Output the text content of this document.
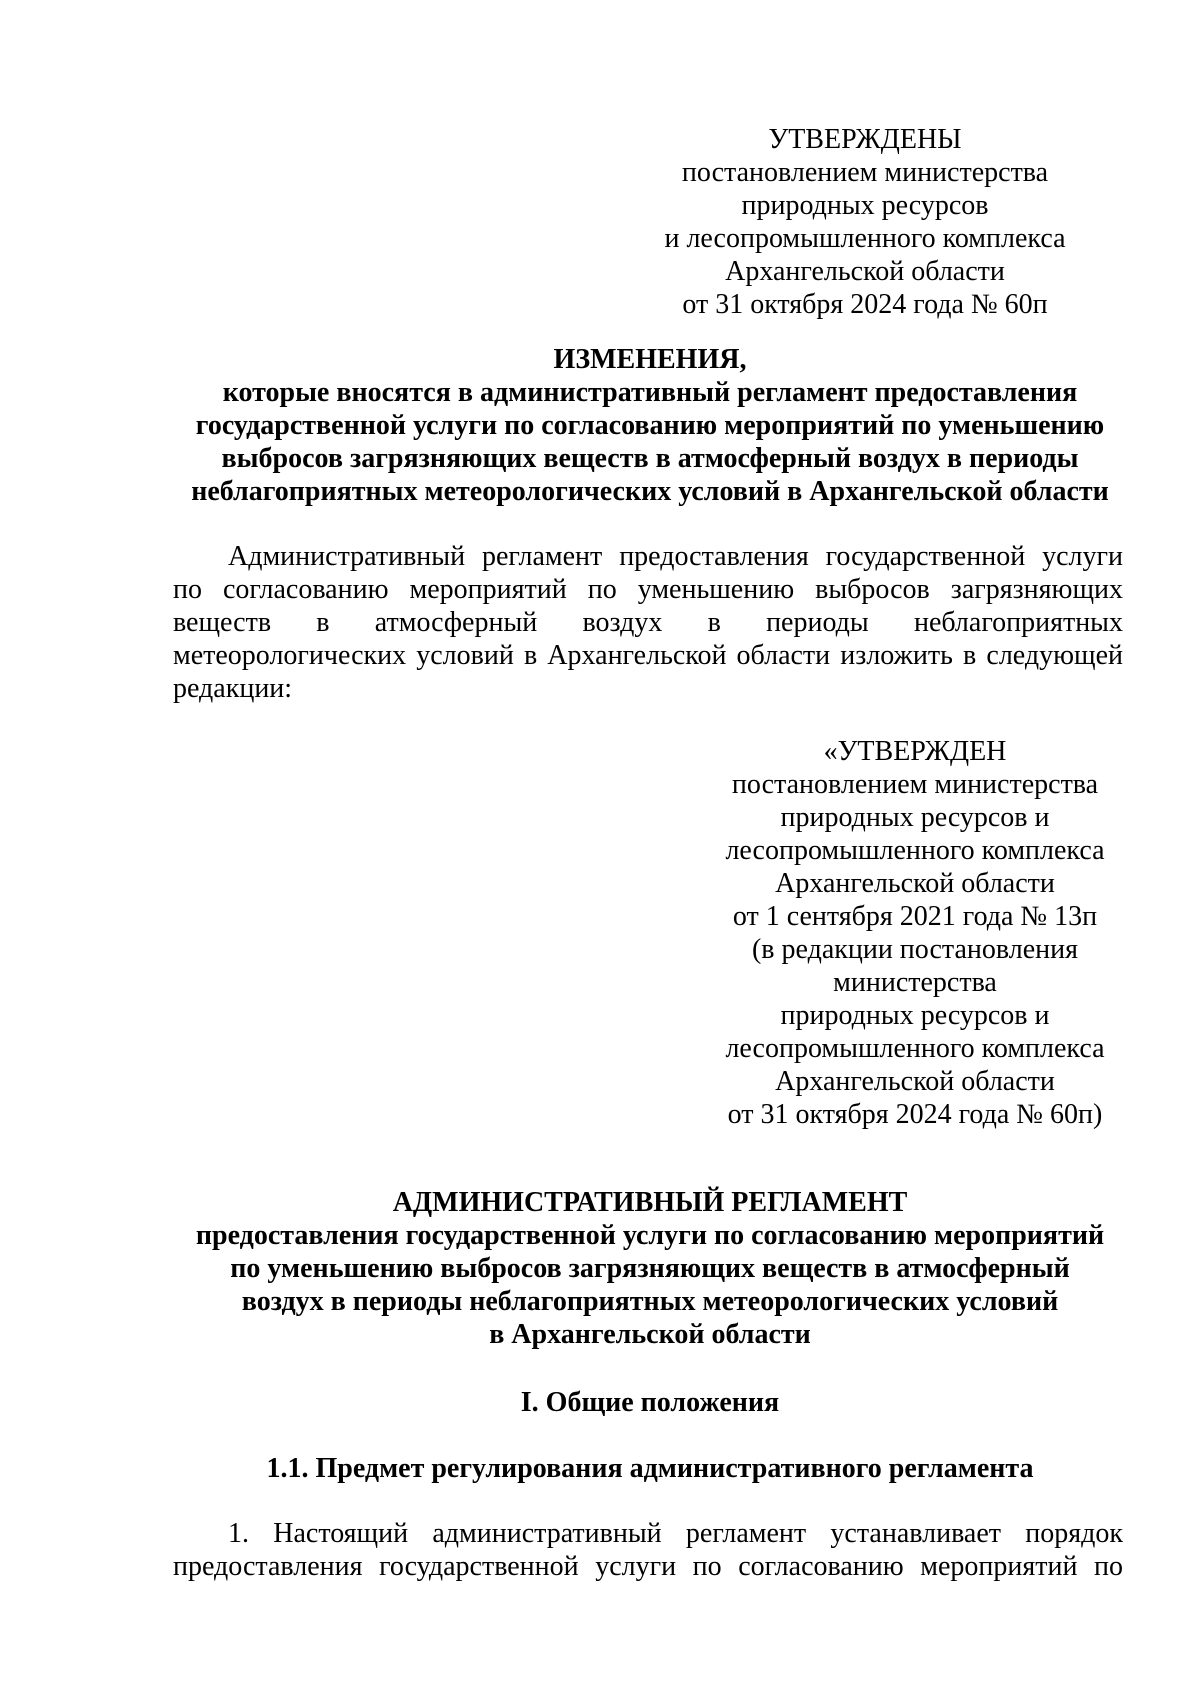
УТВЕРЖДЕНЫ
постановлением министерства
природных ресурсов
и лесопромышленного комплекса
Архангельской области
от 31 октября 2024 года № 60п
ИЗМЕНЕНИЯ,
которые вносятся в административный регламент предоставления
государственной услуги по согласованию мероприятий по уменьшению
выбросов загрязняющих веществ в атмосферный воздух в периоды
неблагоприятных метеорологических условий в Архангельской области
Административный регламент предоставления государственной услуги
по согласованию мероприятий по уменьшению выбросов загрязняющих
веществ в атмосферный воздух в периоды неблагоприятных
метеорологических условий в Архангельской области изложить в следующей
редакции:
«УТВЕРЖДЕН
постановлением министерства
природных ресурсов и
лесопромышленного комплекса
Архангельской области
от 1 сентября 2021 года № 13п
(в редакции постановления
министерства
природных ресурсов и
лесопромышленного комплекса
Архангельской области
от 31 октября 2024 года № 60п)
АДМИНИСТРАТИВНЫЙ РЕГЛАМЕНТ
предоставления государственной услуги по согласованию мероприятий
по уменьшению выбросов загрязняющих веществ в атмосферный
воздух в периоды неблагоприятных метеорологических условий
в Архангельской области
I. Общие положения
1.1. Предмет регулирования административного регламента
1. Настоящий административный регламент устанавливает порядок
предоставления государственной услуги по согласованию мероприятий по
